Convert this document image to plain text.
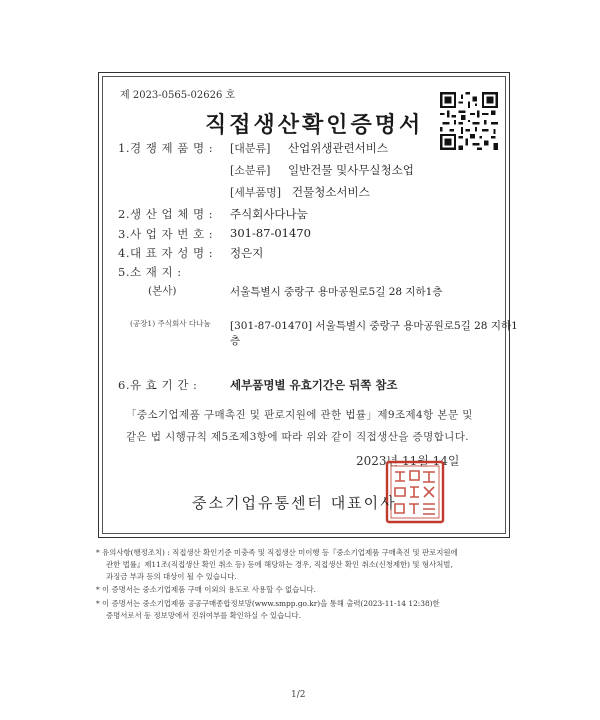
제 2023-0565-02626 호
직접생산확인증명서
1.경 쟁 제 품 명 : [대분류] 산업위생관련서비스
[소분류] 일반건물 및사무실청소업
[세부품명] 건물청소서비스
2.생 산 업 체 명 : 주식회사다나눔
3.사 업 자 번 호 : 301-87-01470
4.대 표 자 성 명 : 정은지
5.소 재 지 :
(본사)	서울특별시 중랑구 용마공원로5길 28 지하1층
(공장1) 주식회사 다나눔 [301-87-01470] 서울특별시 중랑구 용마공원로5길 28 지하1
층
6.유 효 기 간 :	세부품명별 유효기간은 뒤쪽 참조
「중소기업제품 구매촉진 및 판로지원에 관한 법률」제9조제4항 본문 및
같은 법 시행규칙 제5조제3항에 따라 위와 같이 직접생산을 증명합니다.
2023년 11월 14일
중소기업유통센터 대표이사
* 유의사항(행정조치) : 직접생산 확인기준 미충족 및 직접생산 미이행 등『중소기업제품 구매촉진 및 판로지원에
관한 법률』제11조(직접생산 확인 취소 등) 등에 해당하는 경우, 직접생산 확인 취소(신청제한) 및 형사처벌,
과징금 부과 등의 대상이 될 수 있습니다.
* 이 증명서는 중소기업제품 구매 이외의 용도로 사용할 수 없습니다.
* 이 증명서는 중소기업제품 공공구매종합정보망(www.smpp.go.kr)을 통해 출력(2023-11-14 12:38)한
증명서로서 동 정보망에서 진위여부를 확인하실 수 있습니다.
1/2
